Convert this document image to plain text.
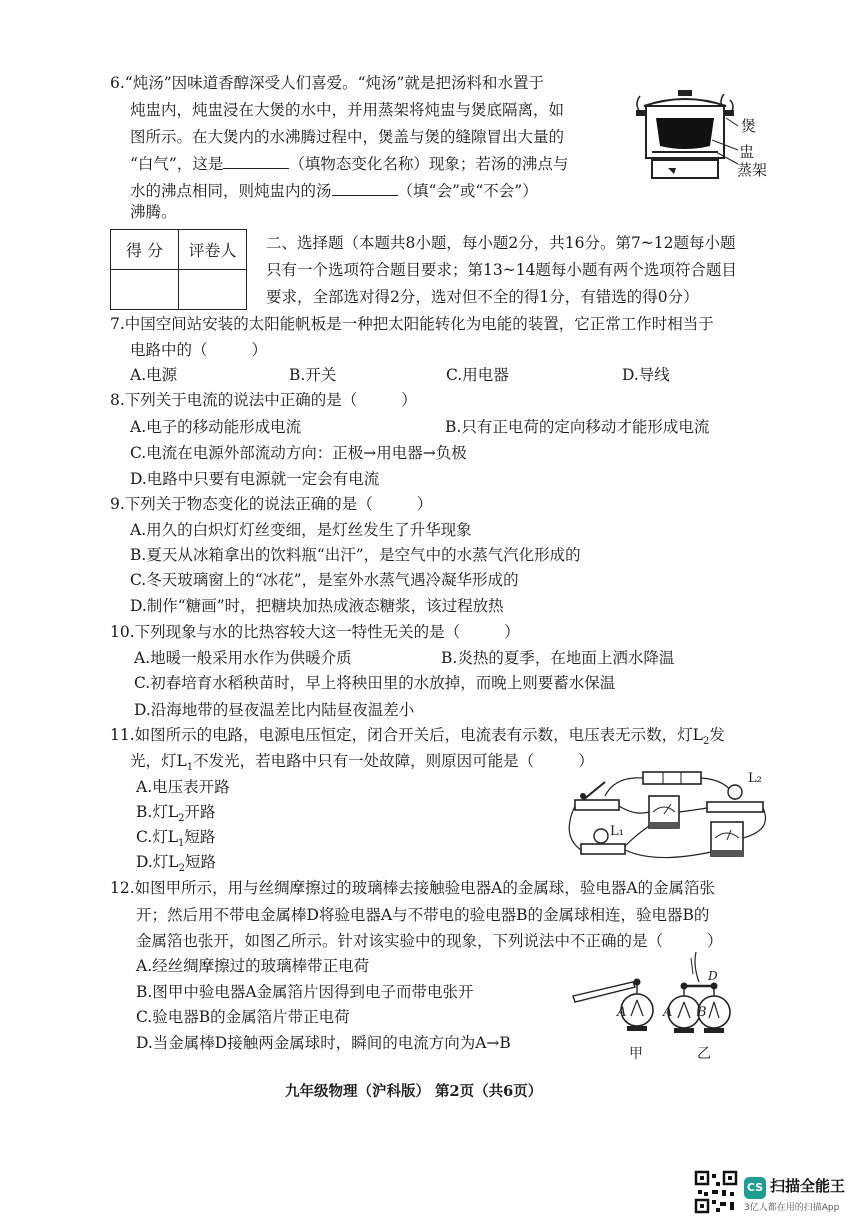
6.“炖汤”因味道香醇深受人们喜爱。“炖汤”就是把汤料和水置于
炖盅内，炖盅浸在大煲的水中，并用蒸架将炖盅与煲底隔离，如
图所示。在大煲内的水沸腾过程中，煲盖与煲的缝隙冒出大量的
“白气”，这是	（填物态变化名称）现象；若汤的沸点与
水的沸点相同，则炖盅内的汤	（填“会”或“不会”）
沸腾。
煲
盅
蒸架
得 分	评卷人
	二、选择题（本题共8小题，每小题2分，共16分。第7~12题每小题
只有一个选项符合题目要求；第13~14题每小题有两个选项符合题目
要求，全部选对得2分，选对但不全的得1分，有错选的得0分）
7.中国空间站安装的太阳能帆板是一种把太阳能转化为电能的装置，它正常工作时相当于
电路中的（	）
A.电源	B.开关	C.用电器	D.导线
8.下列关于电流的说法中正确的是（	）
A.电子的移动能形成电流	B.只有正电荷的定向移动才能形成电流
C.电流在电源外部流动方向：正极→用电器→负极
D.电路中只要有电源就一定会有电流
9.下列关于物态变化的说法正确的是（	）
A.用久的白炽灯灯丝变细，是灯丝发生了升华现象
B.夏天从冰箱拿出的饮料瓶“出汗”，是空气中的水蒸气汽化形成的
C.冬天玻璃窗上的“冰花”，是室外水蒸气遇冷凝华形成的
D.制作“糖画”时，把糖块加热成液态糖浆，该过程放热
10.下列现象与水的比热容较大这一特性无关的是（	）
A.地暖一般采用水作为供暖介质	B.炎热的夏季，在地面上洒水降温
C.初春培育水稻秧苗时，早上将秧田里的水放掉，而晚上则要蓄水保温
D.沿海地带的昼夜温差比内陆昼夜温差小
11.如图所示的电路，电源电压恒定，闭合开关后，电流表有示数，电压表无示数，灯$L_2$发
光，灯$L_1$不发光，若电路中只有一处故障，则原因可能是（	）
A.电压表开路
B.灯$L_2$开路
C.灯$L_1$短路
D.灯$L_2$短路
L₂
L₁
12.如图甲所示，用与丝绸摩擦过的玻璃棒去接触验电器A的金属球，验电器A的金属箔张
开；然后用不带电金属棒D将验电器A与不带电的验电器B的金属球相连，验电器B的
金属箔也张开，如图乙所示。针对该实验中的现象，下列说法中不正确的是（	）
A.经丝绸摩擦过的玻璃棒带正电荷
B.图甲中验电器A金属箔片因得到电子而带电张开
C.验电器B的金属箔片带正电荷
D.当金属棒D接触两金属球时，瞬间的电流方向为A→B
A	A B
D
甲	乙
九年级物理（沪科版） 第2页（共6页）
CS 扫描全能王
3亿人都在用的扫描App
